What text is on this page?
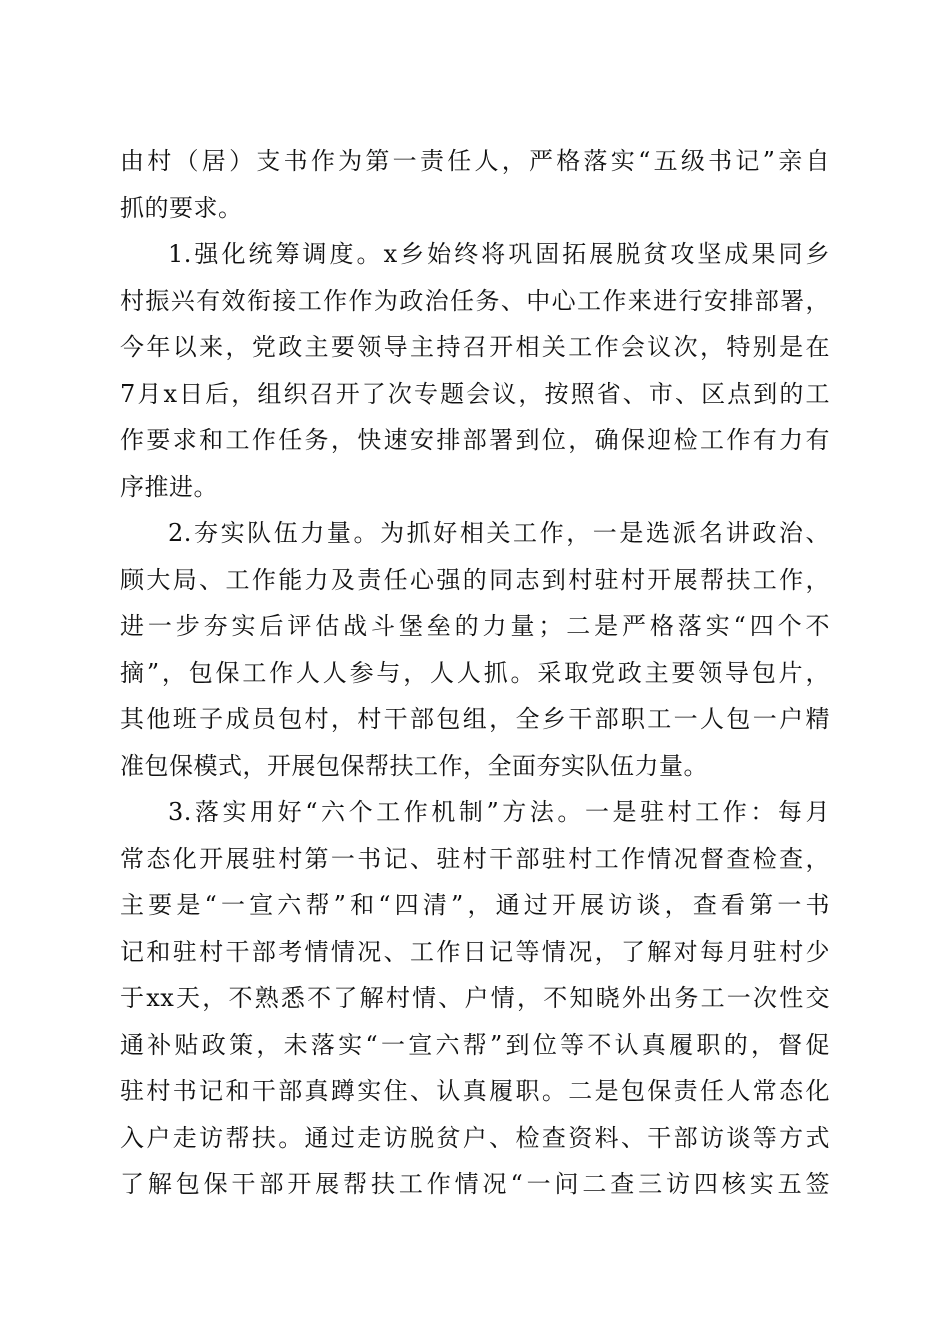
由村（居）支书作为第一责任人，严格落实“五级书记”亲自
抓的要求。
1.强化统筹调度。x乡始终将巩固拓展脱贫攻坚成果同乡
村振兴有效衔接工作作为政治任务、中心工作来进行安排部署，
今年以来，党政主要领导主持召开相关工作会议次，特别是在
7月x日后，组织召开了次专题会议，按照省、市、区点到的工
作要求和工作任务，快速安排部署到位，确保迎检工作有力有
序推进。
2.夯实队伍力量。为抓好相关工作，一是选派名讲政治、
顾大局、工作能力及责任心强的同志到村驻村开展帮扶工作，
进一步夯实后评估战斗堡垒的力量；二是严格落实“四个不
摘”，包保工作人人参与，人人抓。采取党政主要领导包片，
其他班子成员包村，村干部包组，全乡干部职工一人包一户精
准包保模式，开展包保帮扶工作，全面夯实队伍力量。
3.落实用好“六个工作机制”方法。一是驻村工作：每月
常态化开展驻村第一书记、驻村干部驻村工作情况督查检查，
主要是“一宣六帮”和“四清”，通过开展访谈，查看第一书
记和驻村干部考情情况、工作日记等情况，了解对每月驻村少
于xx天，不熟悉不了解村情、户情，不知晓外出务工一次性交
通补贴政策，未落实“一宣六帮”到位等不认真履职的，督促
驻村书记和干部真蹲实住、认真履职。二是包保责任人常态化
入户走访帮扶。通过走访脱贫户、检查资料、干部访谈等方式
了解包保干部开展帮扶工作情况“一问二查三访四核实五签
